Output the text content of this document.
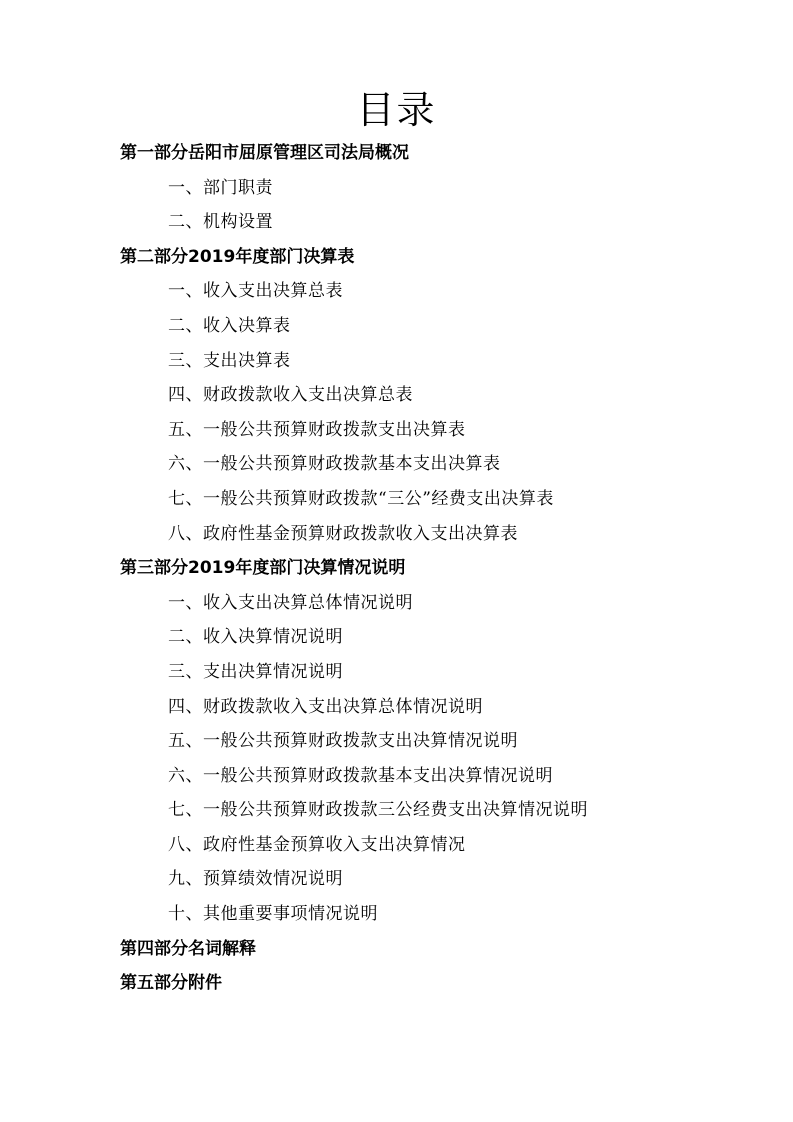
目录
第一部分岳阳市屈原管理区司法局概况
一、部门职责
二、机构设置
第二部分2019年度部门决算表
一、收入支出决算总表
二、收入决算表
三、支出决算表
四、财政拨款收入支出决算总表
五、一般公共预算财政拨款支出决算表
六、一般公共预算财政拨款基本支出决算表
七、一般公共预算财政拨款“三公”经费支出决算表
八、政府性基金预算财政拨款收入支出决算表
第三部分2019年度部门决算情况说明
一、收入支出决算总体情况说明
二、收入决算情况说明
三、支出决算情况说明
四、财政拨款收入支出决算总体情况说明
五、一般公共预算财政拨款支出决算情况说明
六、一般公共预算财政拨款基本支出决算情况说明
七、一般公共预算财政拨款三公经费支出决算情况说明
八、政府性基金预算收入支出决算情况
九、预算绩效情况说明
十、其他重要事项情况说明
第四部分名词解释
第五部分附件
